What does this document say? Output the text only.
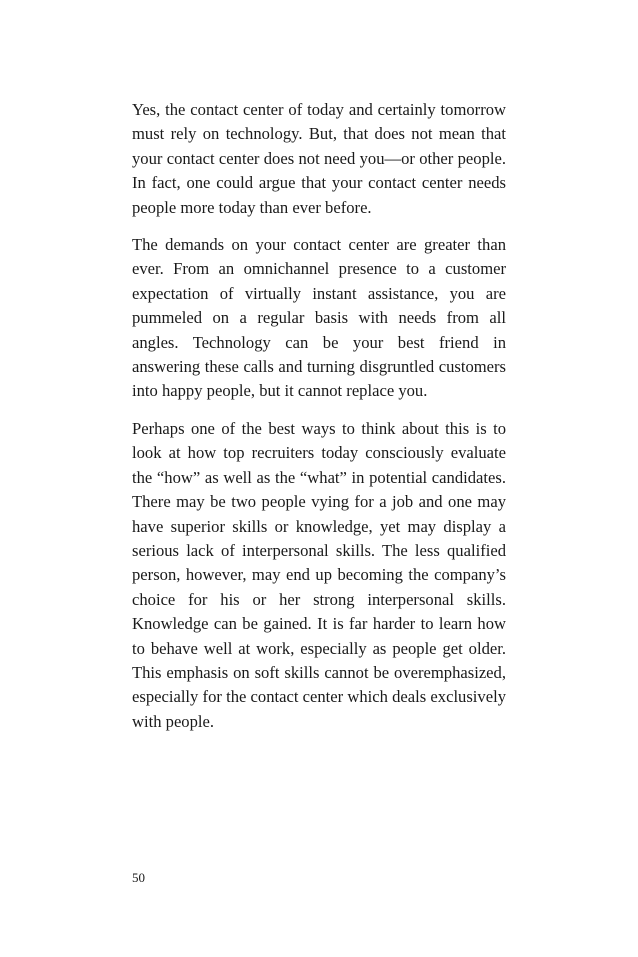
Yes, the contact center of today and certainly tomorrow must rely on technology. But, that does not mean that your contact center does not need you—or other people. In fact, one could argue that your contact center needs people more today than ever before.

The demands on your contact center are greater than ever. From an omnichannel presence to a customer expectation of virtually instant assistance, you are pummeled on a regular basis with needs from all angles. Technology can be your best friend in answering these calls and turning disgruntled customers into happy people, but it cannot replace you.

Perhaps one of the best ways to think about this is to look at how top recruiters today consciously evaluate the “how” as well as the “what” in potential candidates. There may be two people vying for a job and one may have superior skills or knowledge, yet may display a serious lack of interpersonal skills. The less qualified person, however, may end up becoming the company’s choice for his or her strong interpersonal skills. Knowledge can be gained. It is far harder to learn how to behave well at work, especially as people get older. This emphasis on soft skills cannot be overemphasized, especially for the contact center which deals exclusively with people.

50
